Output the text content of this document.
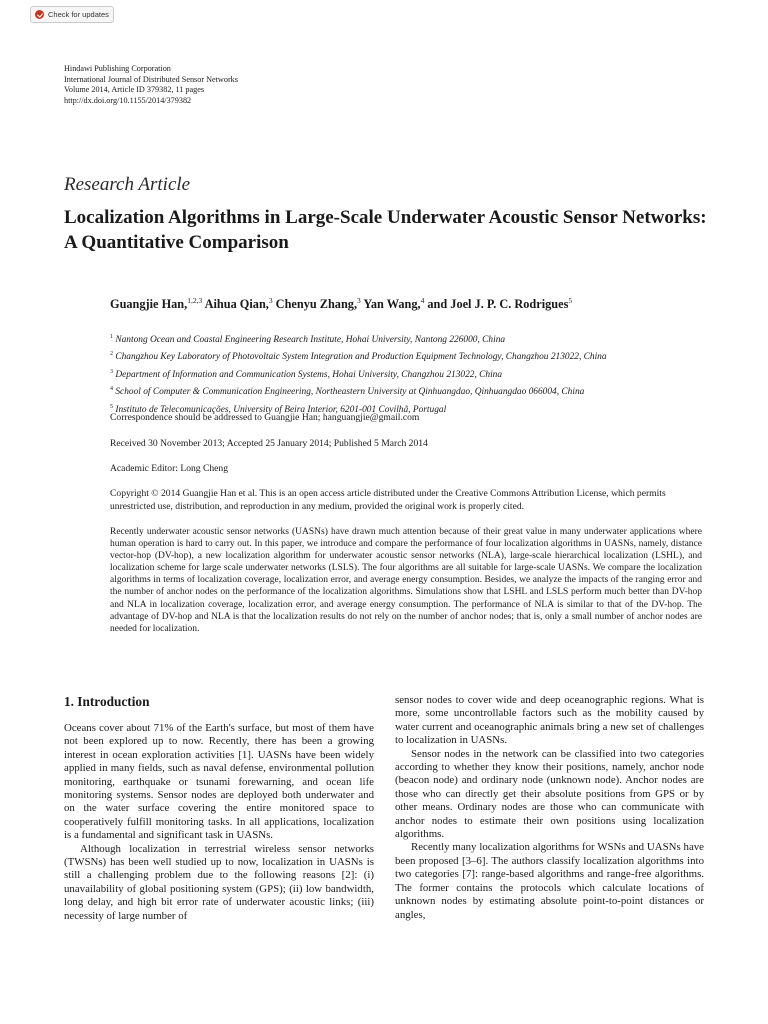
Check for updates
Hindawi Publishing Corporation
International Journal of Distributed Sensor Networks
Volume 2014, Article ID 379382, 11 pages
http://dx.doi.org/10.1155/2014/379382
Research Article
Localization Algorithms in Large-Scale Underwater Acoustic Sensor Networks: A Quantitative Comparison
Guangjie Han,$^{1,2,3}$ Aihua Qian,$^3$ Chenyu Zhang,$^3$ Yan Wang,$^4$ and Joel J. P. C. Rodrigues$^5$
$^1$ Nantong Ocean and Coastal Engineering Research Institute, Hohai University, Nantong 226000, China
$^2$ Changzhou Key Laboratory of Photovoltaic System Integration and Production Equipment Technology, Changzhou 213022, China
$^3$ Department of Information and Communication Systems, Hohai University, Changzhou 213022, China
$^4$ School of Computer & Communication Engineering, Northeastern University at Qinhuangdao, Qinhuangdao 066004, China
$^5$ Instituto de Telecomunicações, University of Beira Interior, 6201-001 Covilhã, Portugal
Correspondence should be addressed to Guangjie Han; hanguangjie@gmail.com
Received 30 November 2013; Accepted 25 January 2014; Published 5 March 2014
Academic Editor: Long Cheng
Copyright © 2014 Guangjie Han et al. This is an open access article distributed under the Creative Commons Attribution License, which permits unrestricted use, distribution, and reproduction in any medium, provided the original work is properly cited.
Recently underwater acoustic sensor networks (UASNs) have drawn much attention because of their great value in many underwater applications where human operation is hard to carry out. In this paper, we introduce and compare the performance of four localization algorithms in UASNs, namely, distance vector-hop (DV-hop), a new localization algorithm for underwater acoustic sensor networks (NLA), large-scale hierarchical localization (LSHL), and localization scheme for large scale underwater networks (LSLS). The four algorithms are all suitable for large-scale UASNs. We compare the localization algorithms in terms of localization coverage, localization error, and average energy consumption. Besides, we analyze the impacts of the ranging error and the number of anchor nodes on the performance of the localization algorithms. Simulations show that LSHL and LSLS perform much better than DV-hop and NLA in localization coverage, localization error, and average energy consumption. The performance of NLA is similar to that of the DV-hop. The advantage of DV-hop and NLA is that the localization results do not rely on the number of anchor nodes; that is, only a small number of anchor nodes are needed for localization.
1. Introduction

Oceans cover about 71% of the Earth's surface, but most of them have not been explored up to now. Recently, there has been a growing interest in ocean exploration activities [1]. UASNs have been widely applied in many fields, such as naval defense, environmental pollution monitoring, earthquake or tsunami forewarning, and ocean life monitoring systems. Sensor nodes are deployed both underwater and on the water surface covering the entire monitored space to cooperatively fulfill monitoring tasks. In all applications, localization is a fundamental and significant task in UASNs.

Although localization in terrestrial wireless sensor networks (TWSNs) has been well studied up to now, localization in UASNs is still a challenging problem due to the following reasons [2]: (i) unavailability of global positioning system (GPS); (ii) low bandwidth, long delay, and high bit error rate of underwater acoustic links; (iii) necessity of large number of

sensor nodes to cover wide and deep oceanographic regions. What is more, some uncontrollable factors such as the mobility caused by water current and oceanographic animals bring a new set of challenges to localization in UASNs.

Sensor nodes in the network can be classified into two categories according to whether they know their positions, namely, anchor node (beacon node) and ordinary node (unknown node). Anchor nodes are those who can directly get their absolute positions from GPS or by other means. Ordinary nodes are those who can communicate with anchor nodes to estimate their own positions using localization algorithms.

Recently many localization algorithms for WSNs and UASNs have been proposed [3–6]. The authors classify localization algorithms into two categories [7]: range-based algorithms and range-free algorithms. The former contains the protocols which calculate locations of unknown nodes by estimating absolute point-to-point distances or angles,
